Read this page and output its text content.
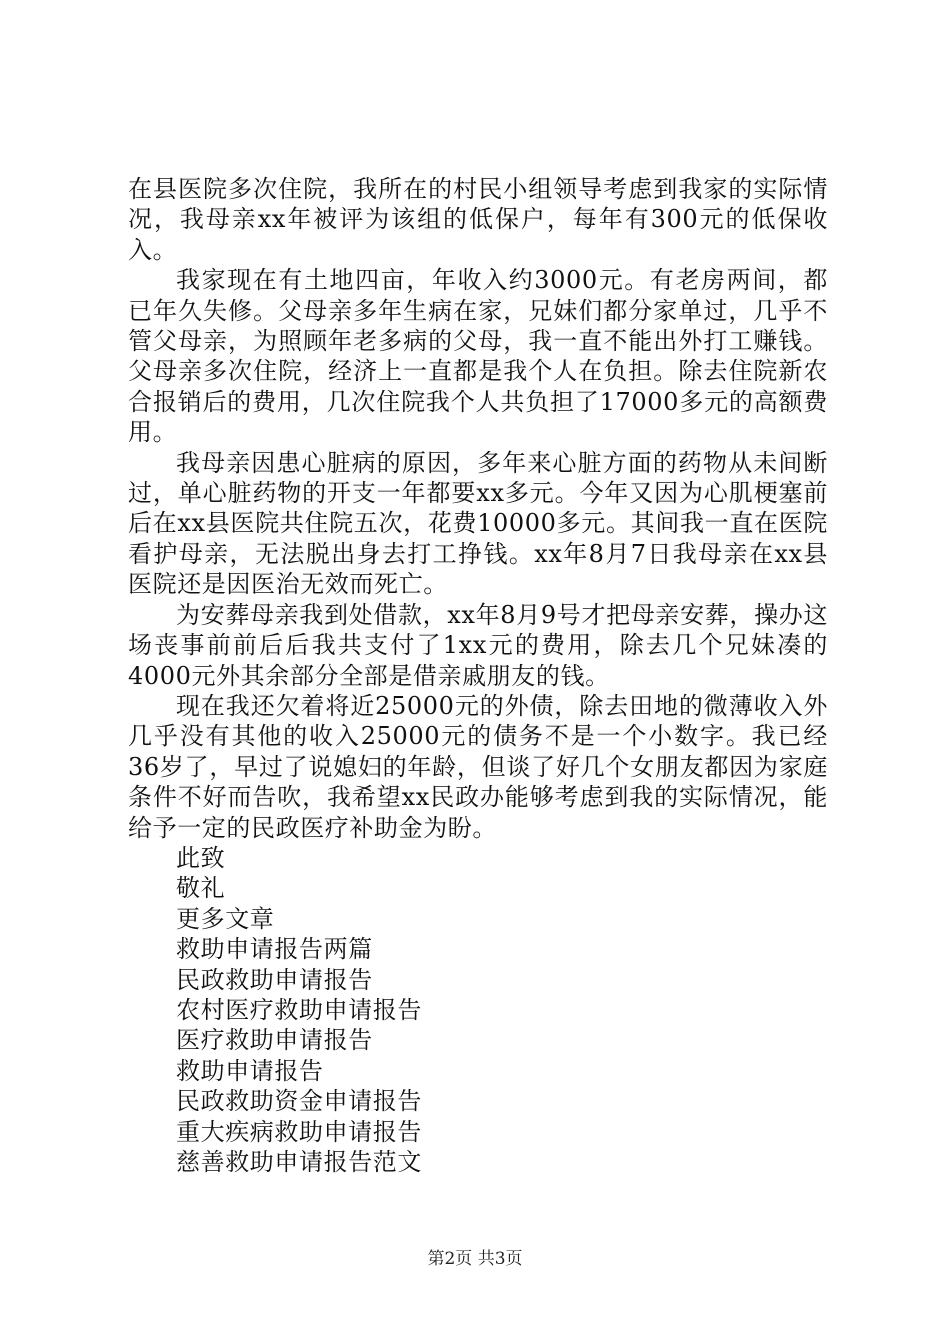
在县医院多次住院，我所在的村民小组领导考虑到我家的实际情况，我母亲xx年被评为该组的低保户，每年有300元的低保收入。

我家现在有土地四亩，年收入约3000元。有老房两间，都已年久失修。父母亲多年生病在家，兄妹们都分家单过，几乎不管父母亲，为照顾年老多病的父母，我一直不能出外打工赚钱。父母亲多次住院，经济上一直都是我个人在负担。除去住院新农合报销后的费用，几次住院我个人共负担了17000多元的高额费用。

我母亲因患心脏病的原因，多年来心脏方面的药物从未间断过，单心脏药物的开支一年都要xx多元。今年又因为心肌梗塞前后在xx县医院共住院五次，花费10000多元。其间我一直在医院看护母亲，无法脱出身去打工挣钱。xx年8月7日我母亲在xx县医院还是因医治无效而死亡。

为安葬母亲我到处借款，xx年8月9号才把母亲安葬，操办这场丧事前前后后我共支付了1xx元的费用，除去几个兄妹凑的4000元外其余部分全部是借亲戚朋友的钱。

现在我还欠着将近25000元的外债，除去田地的微薄收入外几乎没有其他的收入25000元的债务不是一个小数字。我已经36岁了，早过了说媳妇的年龄，但谈了好几个女朋友都因为家庭条件不好而告吹，我希望xx民政办能够考虑到我的实际情况，能给予一定的民政医疗补助金为盼。

此致

敬礼

更多文章

救助申请报告两篇
民政救助申请报告
农村医疗救助申请报告
医疗救助申请报告
救助申请报告
民政救助资金申请报告
重大疾病救助申请报告
慈善救助申请报告范文
第2页 共3页
